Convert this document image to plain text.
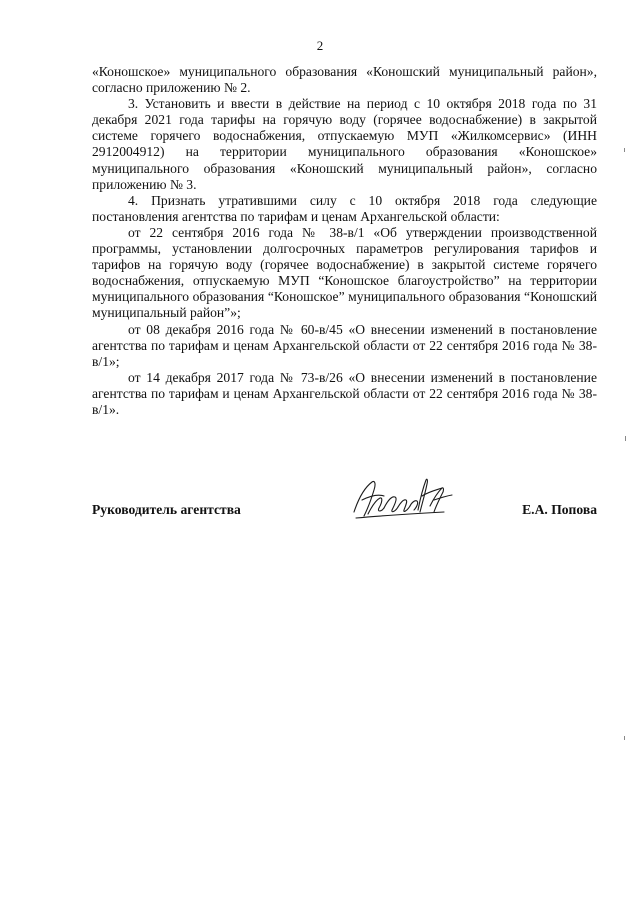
2

«Коношское» муниципального образования «Коношский муниципальный район», согласно приложению № 2.

3. Установить и ввести в действие на период с 10 октября 2018 года по 31 декабря 2021 года тарифы на горячую воду (горячее водоснабжение) в закрытой системе горячего водоснабжения, отпускаемую МУП «Жилкомсервис» (ИНН 2912004912) на территории муниципального образования «Коношское» муниципального образования «Коношский муниципальный район», согласно приложению № 3.

4. Признать утратившими силу с 10 октября 2018 года следующие постановления агентства по тарифам и ценам Архангельской области:

от 22 сентября 2016 года № 38-в/1 «Об утверждении производственной программы, установлении долгосрочных параметров регулирования тарифов и тарифов на горячую воду (горячее водоснабжение) в закрытой системе горячего водоснабжения, отпускаемую МУП “Коношское благоустройство” на территории муниципального образования “Коношское” муниципального образования “Коношский муниципальный район”»;

от 08 декабря 2016 года № 60-в/45 «О внесении изменений в постановление агентства по тарифам и ценам Архангельской области от 22 сентября 2016 года № 38-в/1»;

от 14 декабря 2017 года № 73-в/26 «О внесении изменений в постановление агентства по тарифам и ценам Архангельской области от 22 сентября 2016 года № 38-в/1».

Руководитель агентства	Е.А. Попова
